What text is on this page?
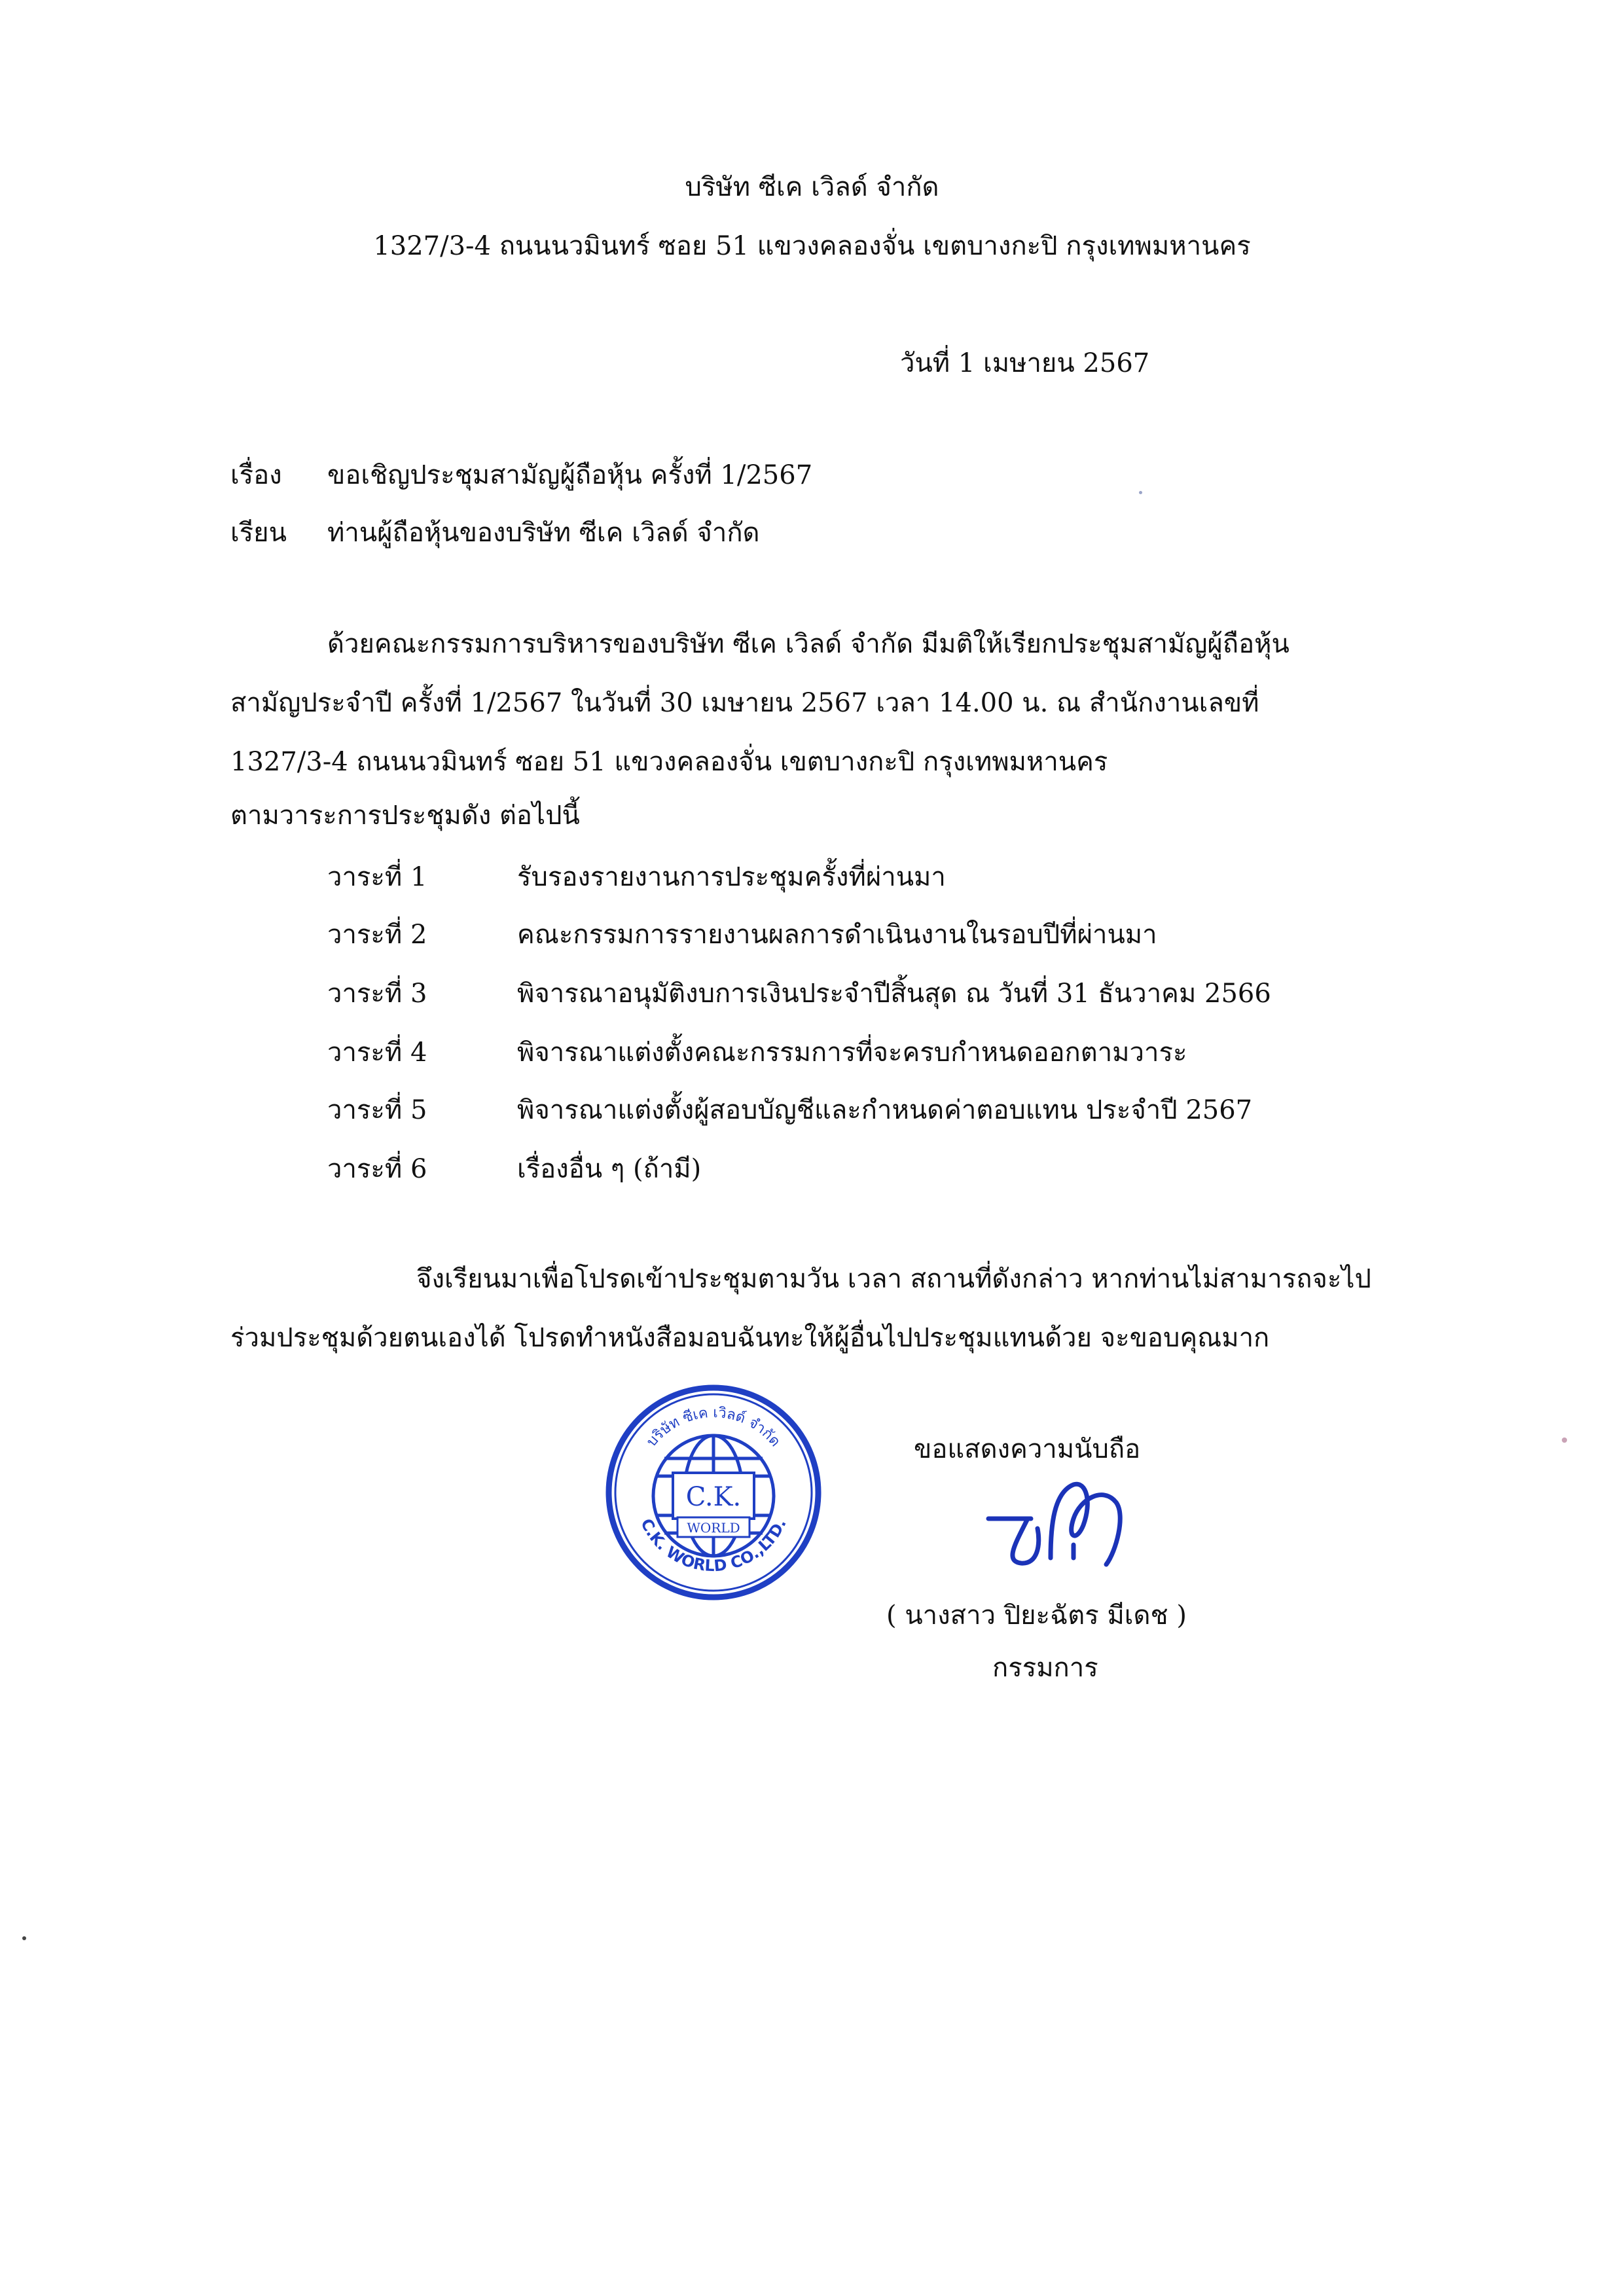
บริษัท ซีเค เวิลด์ จำกัด
1327/3-4 ถนนนวมินทร์ ซอย 51 แขวงคลองจั่น เขตบางกะปิ กรุงเทพมหานคร
วันที่ 1 เมษายน 2567
เรื่อง ขอเชิญประชุมสามัญผู้ถือหุ้น ครั้งที่ 1/2567
เรียน ท่านผู้ถือหุ้นของบริษัท ซีเค เวิลด์ จำกัด
ด้วยคณะกรรมการบริหารของบริษัท ซีเค เวิลด์ จำกัด มีมติให้เรียกประชุมสามัญผู้ถือหุ้น
สามัญประจำปี ครั้งที่ 1/2567 ในวันที่ 30 เมษายน 2567 เวลา 14.00 น. ณ สำนักงานเลขที่
1327/3-4 ถนนนวมินทร์ ซอย 51 แขวงคลองจั่น เขตบางกะปิ กรุงเทพมหานคร
ตามวาระการประชุมดัง ต่อไปนี้
วาระที่ 1	รับรองรายงานการประชุมครั้งที่ผ่านมา
วาระที่ 2	คณะกรรมการรายงานผลการดำเนินงานในรอบปีที่ผ่านมา
วาระที่ 3	พิจารณาอนุมัติงบการเงินประจำปีสิ้นสุด ณ วันที่ 31 ธันวาคม 2566
วาระที่ 4	พิจารณาแต่งตั้งคณะกรรมการที่จะครบกำหนดออกตามวาระ
วาระที่ 5	พิจารณาแต่งตั้งผู้สอบบัญชีและกำหนดค่าตอบแทน ประจำปี 2567
วาระที่ 6	เรื่องอื่น ๆ (ถ้ามี)
จึงเรียนมาเพื่อโปรดเข้าประชุมตามวัน เวลา สถานที่ดังกล่าว หากท่านไม่สามารถจะไป
ร่วมประชุมด้วยตนเองได้ โปรดทำหนังสือมอบฉันทะให้ผู้อื่นไปประชุมแทนด้วย จะขอบคุณมาก
C.K.
WORLD
บริษัท ซีเค เวิลด์ จำกัด
C.K. WORLD CO.,LTD.
ขอแสดงความนับถือ
( นางสาว ปิยะฉัตร มีเดช )
กรรมการ
